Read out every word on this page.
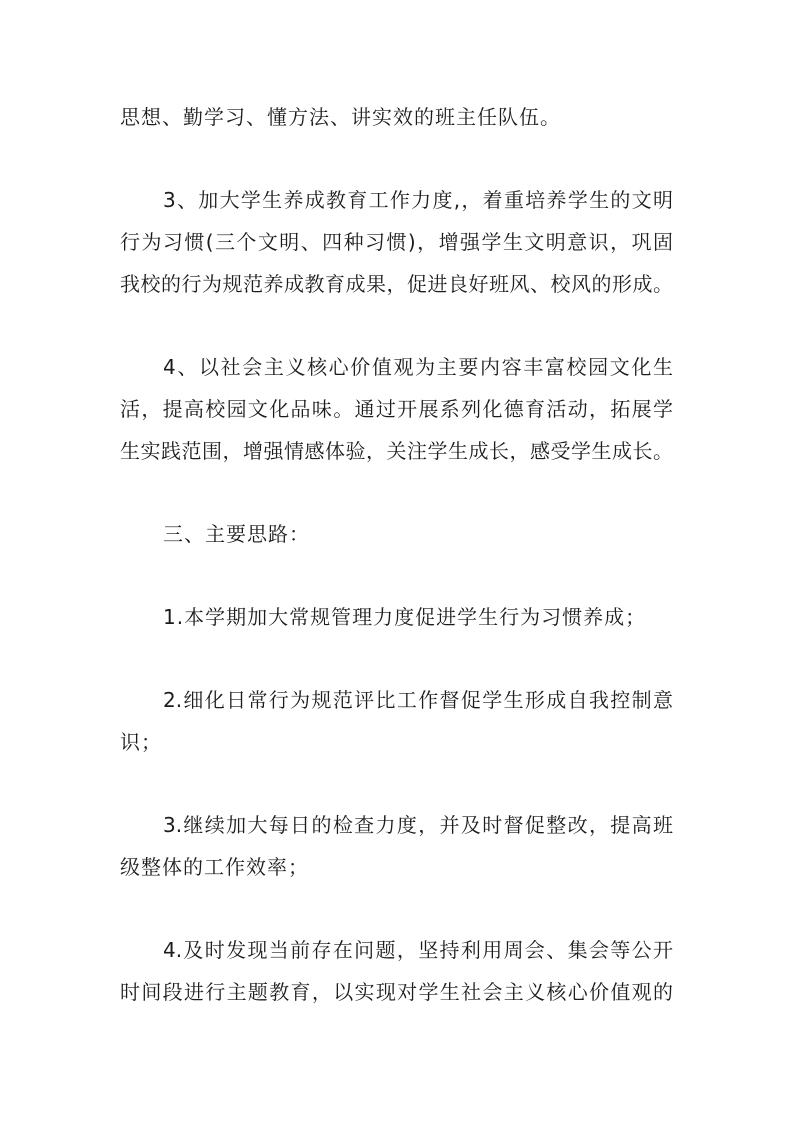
思想、勤学习、懂方法、讲实效的班主任队伍。
3、加大学生养成教育工作力度,，着重培养学生的文明
行为习惯(三个文明、四种习惯)，增强学生文明意识，巩固
我校的行为规范养成教育成果，促进良好班风、校风的形成。
4、以社会主义核心价值观为主要内容丰富校园文化生
活，提高校园文化品味。通过开展系列化德育活动，拓展学
生实践范围，增强情感体验，关注学生成长，感受学生成长。
三、主要思路：
1.本学期加大常规管理力度促进学生行为习惯养成；
2.细化日常行为规范评比工作督促学生形成自我控制意
识；
3.继续加大每日的检查力度，并及时督促整改，提高班
级整体的工作效率；
4.及时发现当前存在问题，坚持利用周会、集会等公开
时间段进行主题教育，以实现对学生社会主义核心价值观的
